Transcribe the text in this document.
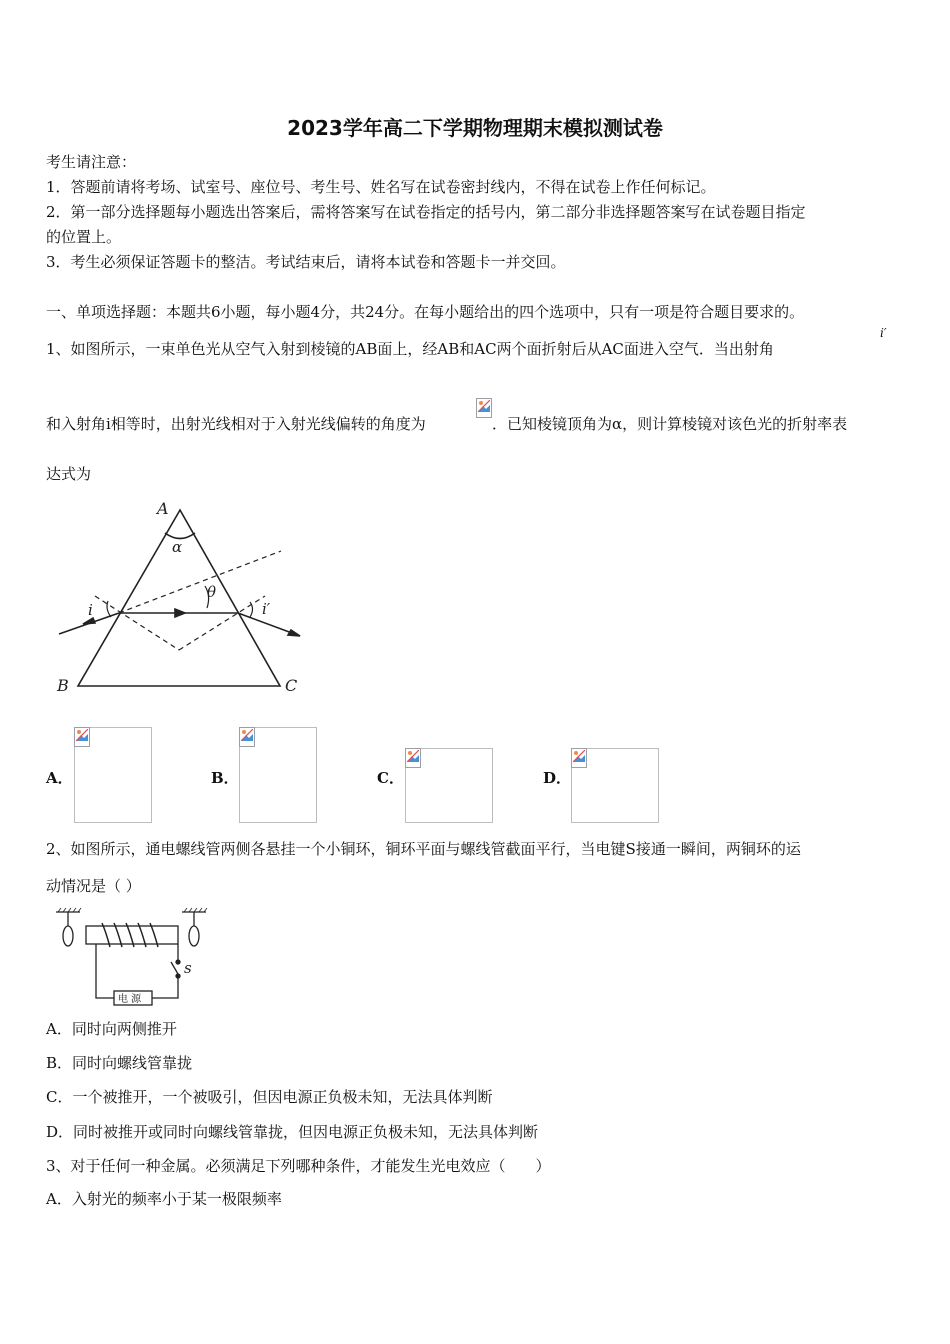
2023学年高二下学期物理期末模拟测试卷
考生请注意：
1．答题前请将考场、试室号、座位号、考生号、姓名写在试卷密封线内，不得在试卷上作任何标记。
2．第一部分选择题每小题选出答案后，需将答案写在试卷指定的括号内，第二部分非选择题答案写在试卷题目指定
的位置上。
3．考生必须保证答题卡的整洁。考试结束后，请将本试卷和答题卡一并交回。
一、单项选择题：本题共6小题，每小题4分，共24分。在每小题给出的四个选项中，只有一项是符合题目要求的。
1、如图所示，一束单色光从空气入射到棱镜的AB面上，经AB和AC两个面折射后从AC面进入空气．当出射角
i′
和入射角i相等时，出射光线相对于入射光线偏转的角度为	．已知棱镜顶角为α，则计算棱镜对该色光的折射率表
达式为
A
B	C
α
θ
i	i′
A．	B．	C．	D．
2、如图所示，通电螺线管两侧各悬挂一个小铜环，铜环平面与螺线管截面平行，当电键S接通一瞬间，两铜环的运
动情况是（ ）
s
电 源
A．同时向两侧推开
B．同时向螺线管靠拢
C．一个被推开，一个被吸引，但因电源正负极未知，无法具体判断
D．同时被推开或同时向螺线管靠拢，但因电源正负极未知，无法具体判断
3、对于任何一种金属。必须满足下列哪种条件，才能发生光电效应（　　）
A．入射光的频率小于某一极限频率
